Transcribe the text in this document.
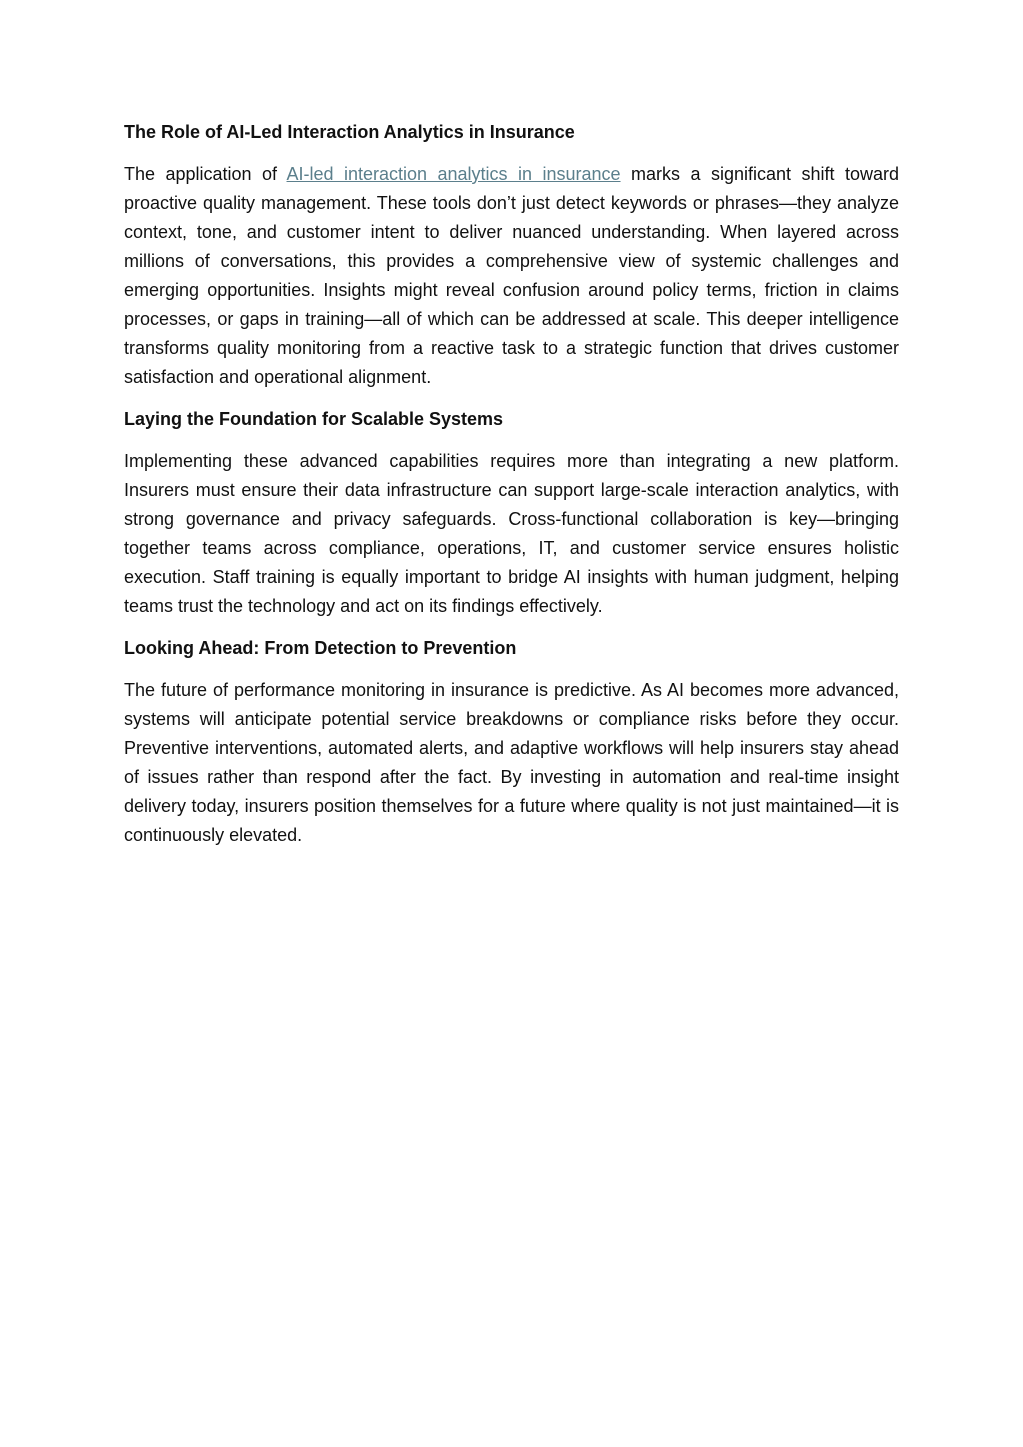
The Role of AI-Led Interaction Analytics in Insurance

The application of AI-led interaction analytics in insurance marks a significant shift toward proactive quality management. These tools don’t just detect keywords or phrases—they analyze context, tone, and customer intent to deliver nuanced understanding. When layered across millions of conversations, this provides a comprehensive view of systemic challenges and emerging opportunities. Insights might reveal confusion around policy terms, friction in claims processes, or gaps in training—all of which can be addressed at scale. This deeper intelligence transforms quality monitoring from a reactive task to a strategic function that drives customer satisfaction and operational alignment.

Laying the Foundation for Scalable Systems

Implementing these advanced capabilities requires more than integrating a new platform. Insurers must ensure their data infrastructure can support large-scale interaction analytics, with strong governance and privacy safeguards. Cross-functional collaboration is key—bringing together teams across compliance, operations, IT, and customer service ensures holistic execution. Staff training is equally important to bridge AI insights with human judgment, helping teams trust the technology and act on its findings effectively.

Looking Ahead: From Detection to Prevention

The future of performance monitoring in insurance is predictive. As AI becomes more advanced, systems will anticipate potential service breakdowns or compliance risks before they occur. Preventive interventions, automated alerts, and adaptive workflows will help insurers stay ahead of issues rather than respond after the fact. By investing in automation and real-time insight delivery today, insurers position themselves for a future where quality is not just maintained—it is continuously elevated.
